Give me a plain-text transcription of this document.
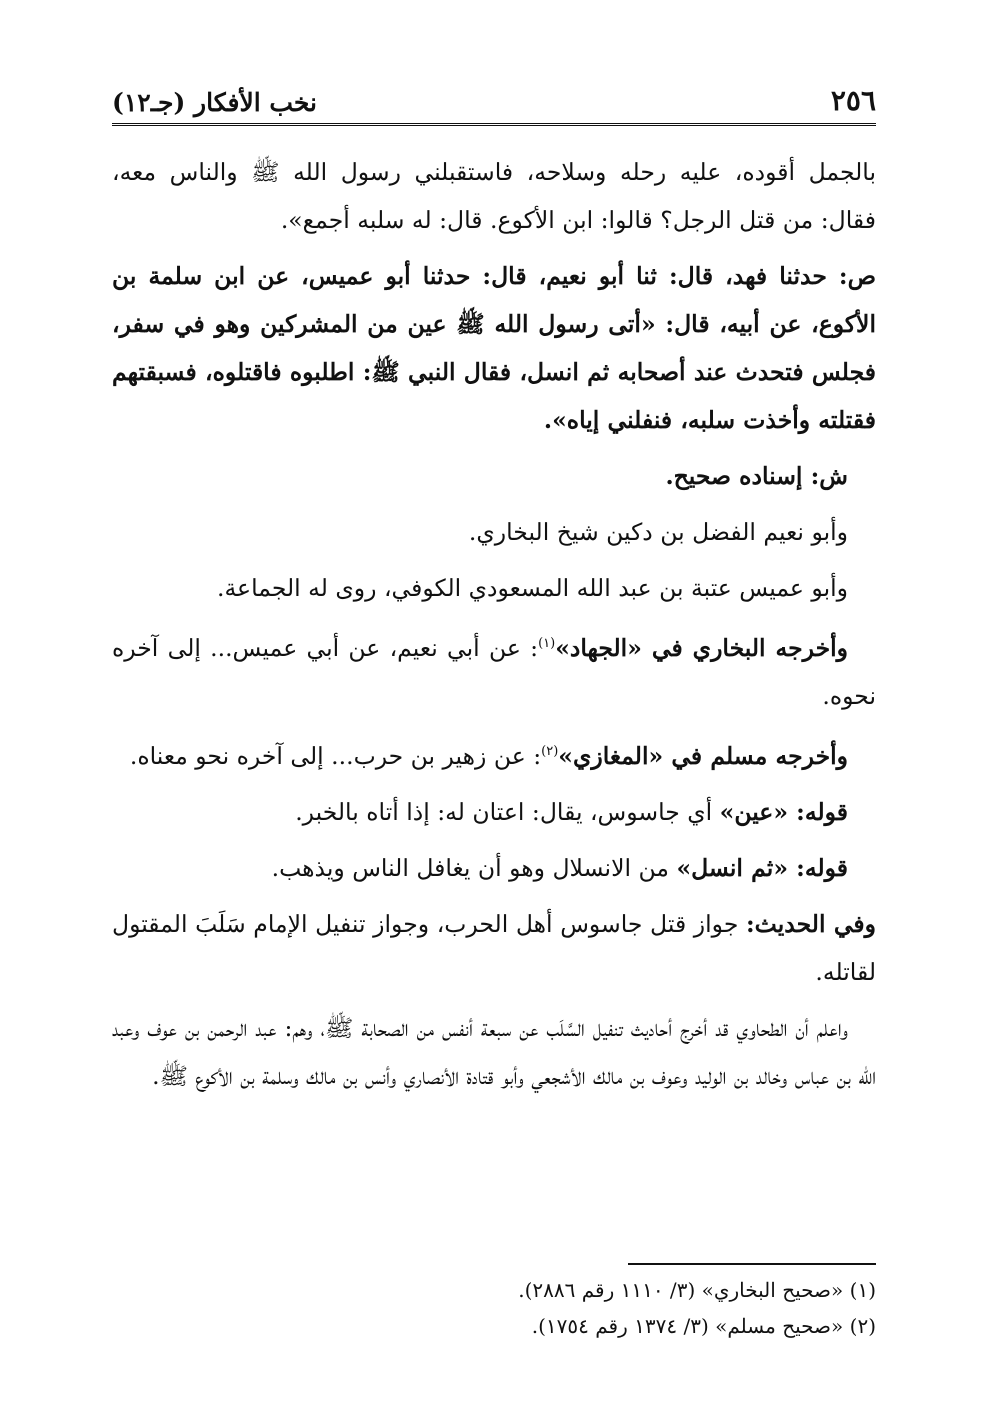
نخب الأفكار (جـ١٢)	٢٥٦

بالجمل أقوده، عليه رحله وسلاحه، فاستقبلني رسول الله ﷺ والناس معه، فقال: من قتل الرجل؟ قالوا: ابن الأكوع. قال: له سلبه أجمع».

ص: حدثنا فهد، قال: ثنا أبو نعيم، قال: حدثنا أبو عميس، عن ابن سلمة بن الأكوع، عن أبيه، قال: «أتى رسول الله ﷺ عين من المشركين وهو في سفر، فجلس فتحدث عند أصحابه ثم انسل، فقال النبي ﷺ: اطلبوه فاقتلوه، فسبقتهم فقتلته وأخذت سلبه، فنفلني إياه».

ش: إسناده صحيح.

وأبو نعيم الفضل بن دكين شيخ البخاري.

وأبو عميس عتبة بن عبد الله المسعودي الكوفي، روى له الجماعة.

وأخرجه البخاري في «الجهاد»$^{(١)}$: عن أبي نعيم، عن أبي عميس... إلى آخره نحوه.

وأخرجه مسلم في «المغازي»$^{(٢)}$: عن زهير بن حرب... إلى آخره نحو معناه.

قوله: «عين» أي جاسوس، يقال: اعتان له: إذا أتاه بالخبر.

قوله: «ثم انسل» من الانسلال وهو أن يغافل الناس ويذهب.

وفي الحديث: جواز قتل جاسوس أهل الحرب، وجواز تنفيل الإمام سَلَبَ المقتول لقاتله.

واعلم أن الطحاوي قد أخرج أحاديث تنفيل السَّلَب عن سبعة أنفس من الصحابة ﷺ، وهم: عبد الرحمن بن عوف وعبد الله بن عباس وخالد بن الوليد وعوف بن مالك الأشجعي وأبو قتادة الأنصاري وأنس بن مالك وسلمة بن الأكوع ﷺ.

(١) «صحيح البخاري» (٣/ ١١١٠ رقم ٢٨٨٦).

(٢) «صحيح مسلم» (٣/ ١٣٧٤ رقم ١٧٥٤).
